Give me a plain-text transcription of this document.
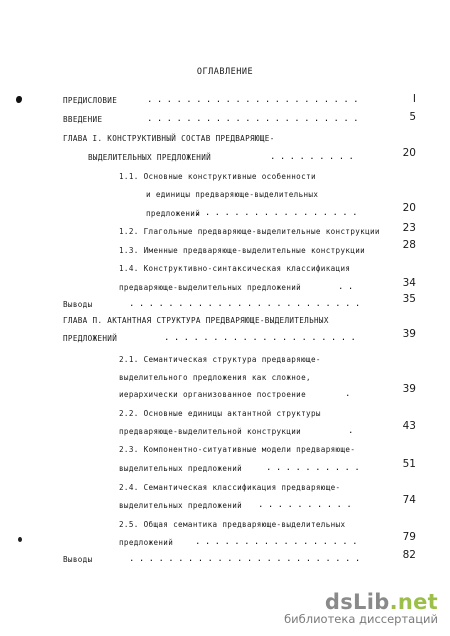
ОГЛАВЛЕНИЕ
ПРЕДИСЛОВИЕ	......................	I
ВВЕДЕНИЕ	......................	5
ГЛАВА I. КОНСТРУКТИВНЫЙ СОСТАВ ПРЕДВАРЯЮЩЕ-
ВЫДЕЛИТЕЛЬНЫХ ПРЕДЛОЖЕНИЙ	.........	20
1.1. Основные конструктивные особенности
и единицы предваряюще-выделительных
предложений
.................	20
1.2. Глагольные предваряюще-выделительные конструкции	23
1.3. Именные предваряюще-выделительные конструкции	28
1.4. Конструктивно-синтаксическая классификация
предваряюще-выделительных предложений	..	34
Выводы	........................	35
ГЛАВА П. АКТАНТНАЯ СТРУКТУРА ПРЕДВАРЯЮЩЕ-ВЫДЕЛИТЕЛЬНЫХ
ПРЕДЛОЖЕНИЙ	....................	39
2.1. Семантическая структура предваряюще-
выделительного предложения как сложное,
иерархически организованное построение	.	39
2.2. Основные единицы актантной структуры
предваряюще-выделительной конструкции	.	43
2.3. Компонентно-ситуативные модели предваряюще-
выделительных предложений	..........	51
2.4. Семантическая классификация предваряюще-
выделительных предложений ..........	74
2.5. Общая семантика предваряюще-выделительных
предложений .................	79
Выводы	........................	82
dsLib.net
библиотека диссертаций
